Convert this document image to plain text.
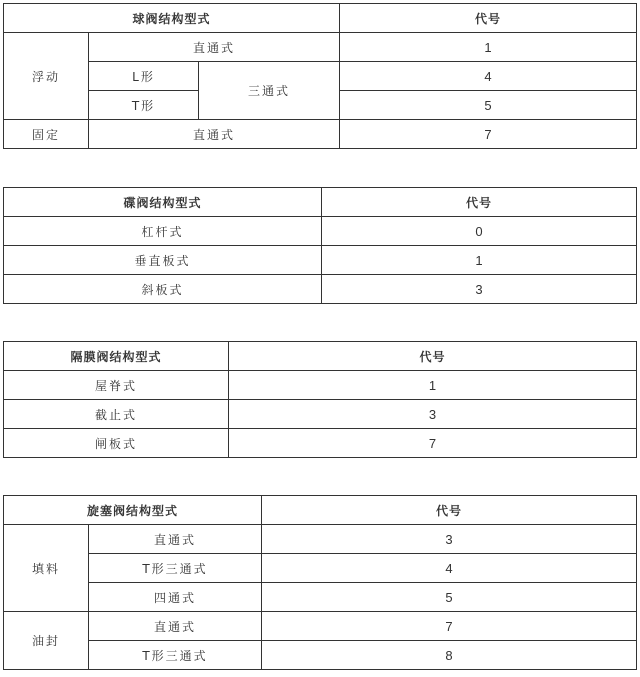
球阀结构型式			代号
浮动	直通式		1
	L形	三通式	4
	T形		5
固定	直通式		7
碟阀结构型式	代号
杠杆式	0
垂直板式	1
斜板式	3
隔膜阀结构型式	代号
屋脊式	1
截止式	3
闸板式	7
旋塞阀结构型式		代号
填料	直通式	3
	T形三通式	4
	四通式	5
油封	直通式	7
	T形三通式	8
